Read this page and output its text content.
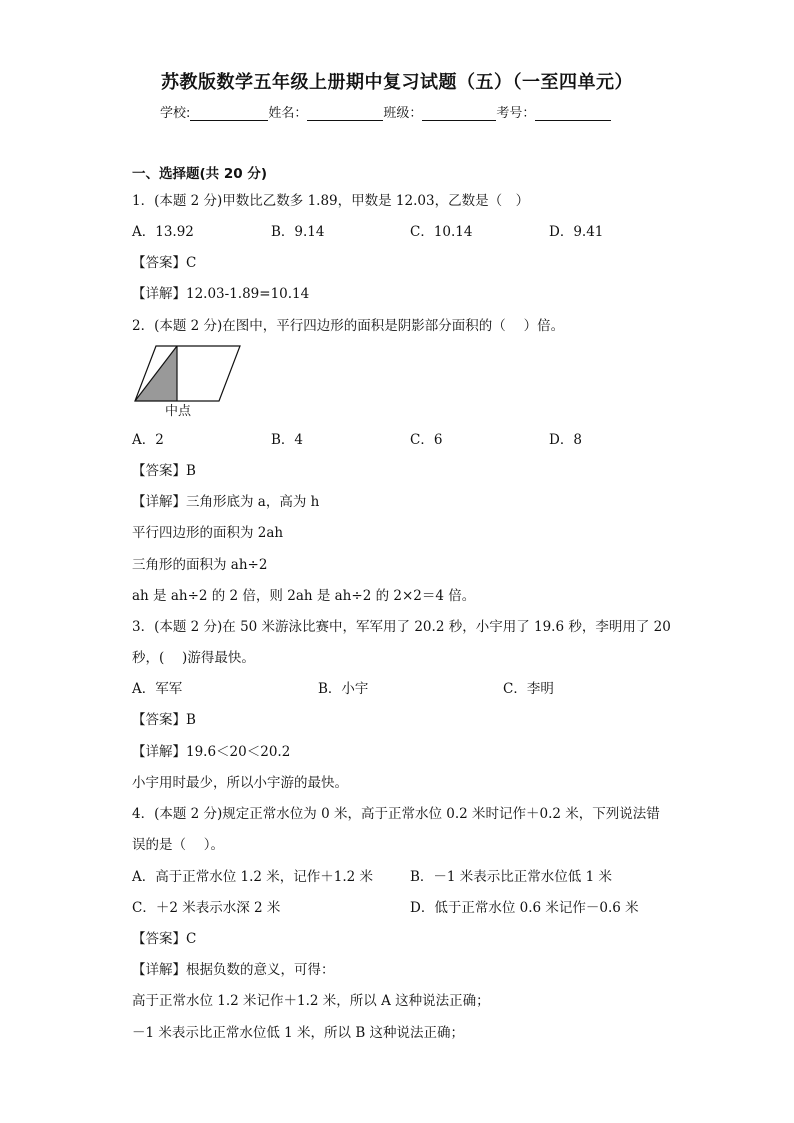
苏教版数学五年级上册期中复习试题（五）（一至四单元）
学校:	姓名：	班级：	考号：
一、选择题(共 20 分)
1．(本题 2 分)甲数比乙数多 1.89，甲数是 12.03，乙数是（　）
A．13.92	B．9.14	C．10.14	D．9.41
【答案】C
【详解】12.03-1.89=10.14
2．(本题 2 分)在图中，平行四边形的面积是阴影部分面积的（　 ）倍。
中点
A．2	B．4	C．6	D．8
【答案】B
【详解】三角形底为 a，高为 h
平行四边形的面积为 2ah
三角形的面积为 ah÷2
ah 是 ah÷2 的 2 倍，则 2ah 是 ah÷2 的 2×2＝4 倍。
3．(本题 2 分)在 50 米游泳比赛中，军军用了 20.2 秒，小宇用了 19.6 秒，李明用了 20
秒，(　 )游得最快。
A．军军	B．小宇	C．李明
【答案】B
【详解】19.6＜20＜20.2
小宇用时最少，所以小宇游的最快。
4．(本题 2 分)规定正常水位为 0 米，高于正常水位 0.2 米时记作＋0.2 米，下列说法错
误的是（　 ）。
A．高于正常水位 1.2 米，记作＋1.2 米	B．－1 米表示比正常水位低 1 米
C．＋2 米表示水深 2 米	D．低于正常水位 0.6 米记作－0.6 米
【答案】C
【详解】根据负数的意义，可得：
高于正常水位 1.2 米记作＋1.2 米，所以 A 这种说法正确；
－1 米表示比正常水位低 1 米，所以 B 这种说法正确；
